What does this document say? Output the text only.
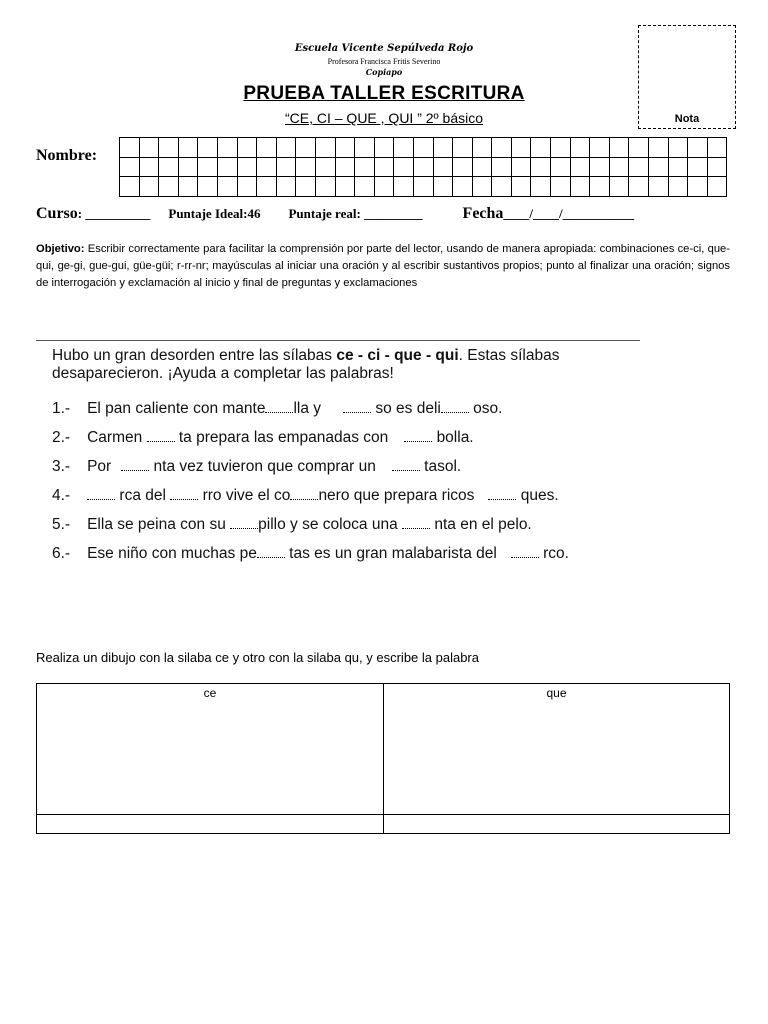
Escuela Vicente Sepúlveda Rojo
Profesora Francisca Fritis Severino
Copiapo
PRUEBA TALLER ESCRITURA
“CE, CI – QUE , QUI ” 2º básico	Nota
Nombre:

Curso: __________ Puntaje Ideal:46 Puntaje real: _________	Fecha____/____/___________
Objetivo: Escribir correctamente para facilitar la comprensión por parte del lector, usando de manera apropiada: combinaciones ce-ci, que-qui, ge-gi, gue-gui, güe-güi; r-rr-nr; mayúsculas al iniciar una oración y al escribir sustantivos propios; punto al finalizar una oración; signos de interrogación y exclamación al inicio y final de preguntas y exclamaciones
Hubo un gran desorden entre las sílabas ce - ci - que - qui. Estas sílabas desaparecieron. ¡Ayuda a completar las palabras!
1.- El pan caliente con mante lla y	so es deli oso.
2.- Carmen ta prepara las empanadas con	bolla.
3.- Por	nta vez tuvieron que comprar un	tasol.
4.-	rca del rro vive el co nero que prepara ricos	ques.
5.- Ella se peina con su pillo y se coloca una nta en el pelo.
6.- Ese niño con muchas pe tas es un gran malabarista del	rco.
Realiza un dibujo con la silaba ce y otro con la silaba qu, y escribe la palabra
ce	que
